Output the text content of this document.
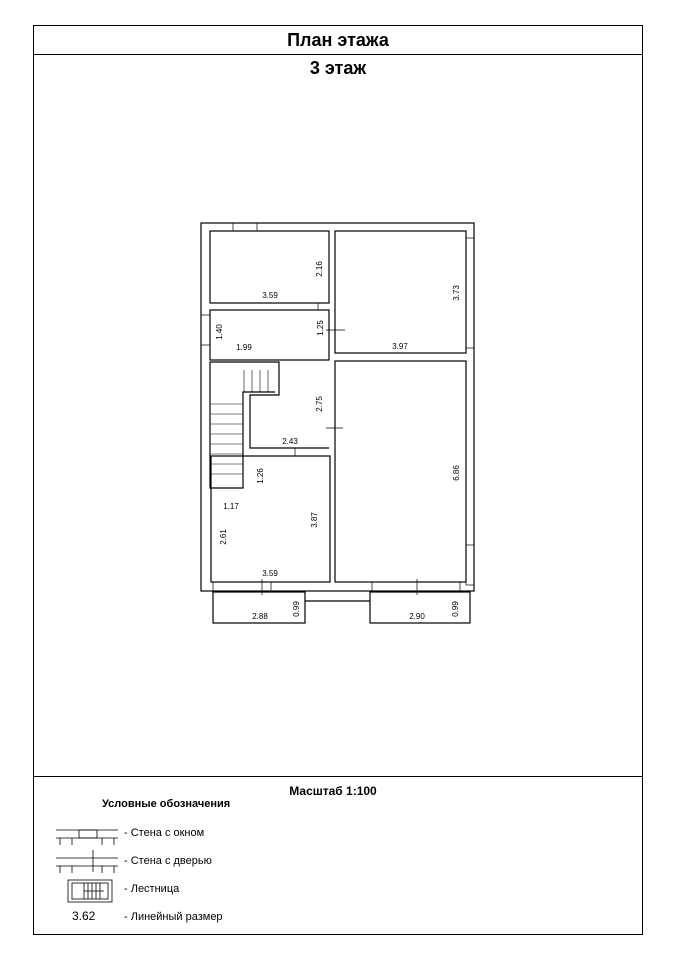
План этажа
3 этаж
3.59
2.16
3.73
1.40	1.25
1.99	3.97
2.75
2.43
6.86
1.26
1.17
3.87
2.61
3.59
2.88	0.99	2.90	0.99
Масштаб 1:100
Условные обозначения
- Стена с окном
- Стена с дверью
- Лестница
3.62	- Линейный размер
